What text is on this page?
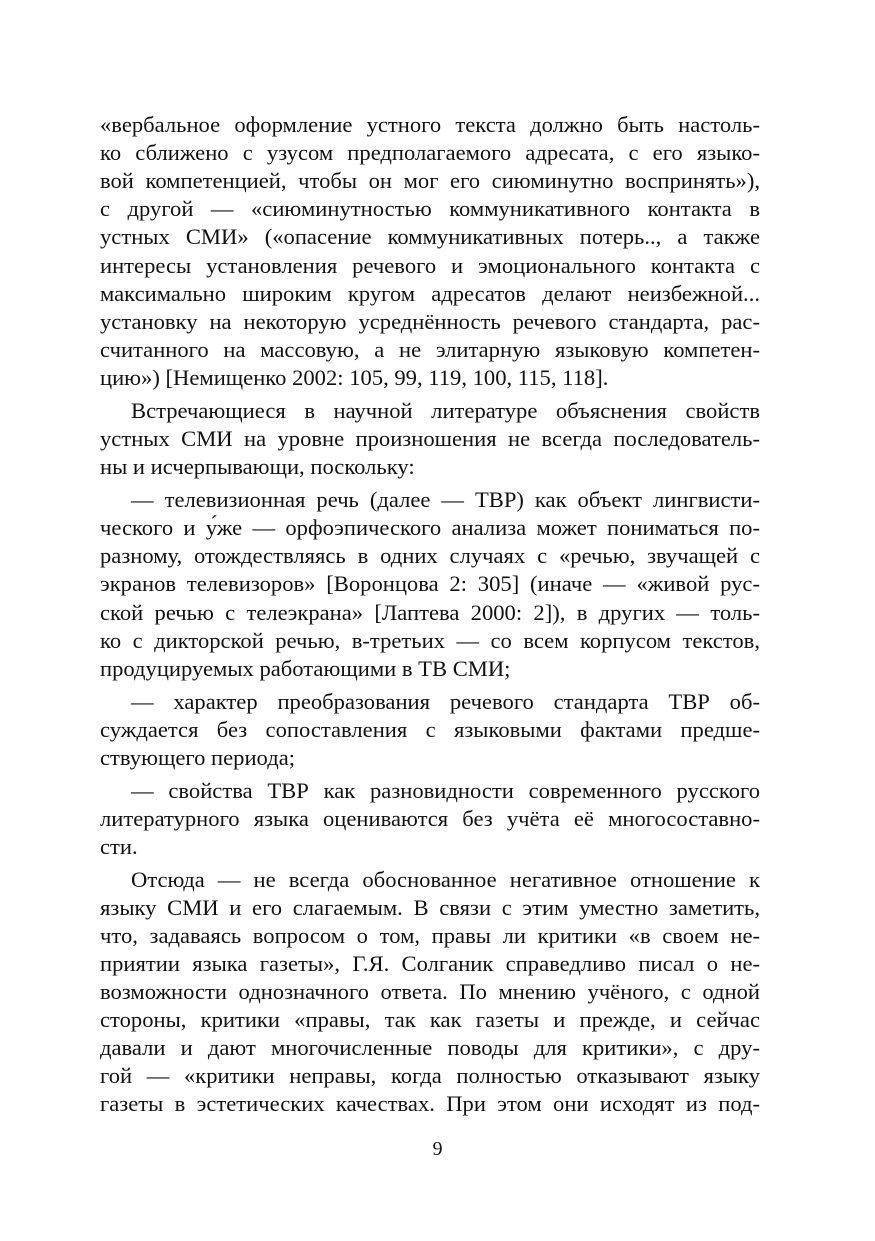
«вербальное оформление устного текста должно быть настоль-
ко сближено с узусом предполагаемого адресата, с его языко-
вой компетенцией, чтобы он мог его сиюминутно воспринять»),
с другой — «сиюминутностью коммуникативного контакта в
устных СМИ» («опасение коммуникативных потерь.., а также
интересы установления речевого и эмоционального контакта с
максимально широким кругом адресатов делают неизбежной...
установку на некоторую усреднённость речевого стандарта, рас-
считанного на массовую, а не элитарную языковую компетен-
цию») [Немищенко 2002: 105, 99, 119, 100, 115, 118].
Встречающиеся в научной литературе объяснения свойств
устных СМИ на уровне произношения не всегда последователь-
ны и исчерпывающи, поскольку:
— телевизионная речь (далее — ТВР) как объект лингвисти-
ческого и у́же — орфоэпического анализа может пониматься по-
разному, отождествляясь в одних случаях с «речью, звучащей с
экранов телевизоров» [Воронцова 2: 305] (иначе — «живой рус-
ской речью с телеэкрана» [Лаптева 2000: 2]), в других — толь-
ко с дикторской речью, в-третьих — со всем корпусом текстов,
продуцируемых работающими в ТВ СМИ;
— характер преобразования речевого стандарта ТВР об-
суждается без сопоставления с языковыми фактами предше-
ствующего периода;
— свойства ТВР как разновидности современного русского
литературного языка оцениваются без учёта её многосоставно-
сти.
Отсюда — не всегда обоснованное негативное отношение к
языку СМИ и его слагаемым. В связи с этим уместно заметить,
что, задаваясь вопросом о том, правы ли критики «в своем не-
приятии языка газеты», Г.Я. Солганик справедливо писал о не-
возможности однозначного ответа. По мнению учёного, с одной
стороны, критики «правы, так как газеты и прежде, и сейчас
давали и дают многочисленные поводы для критики», с дру-
гой — «критики неправы, когда полностью отказывают языку
газеты в эстетических качествах. При этом они исходят из под-
9
